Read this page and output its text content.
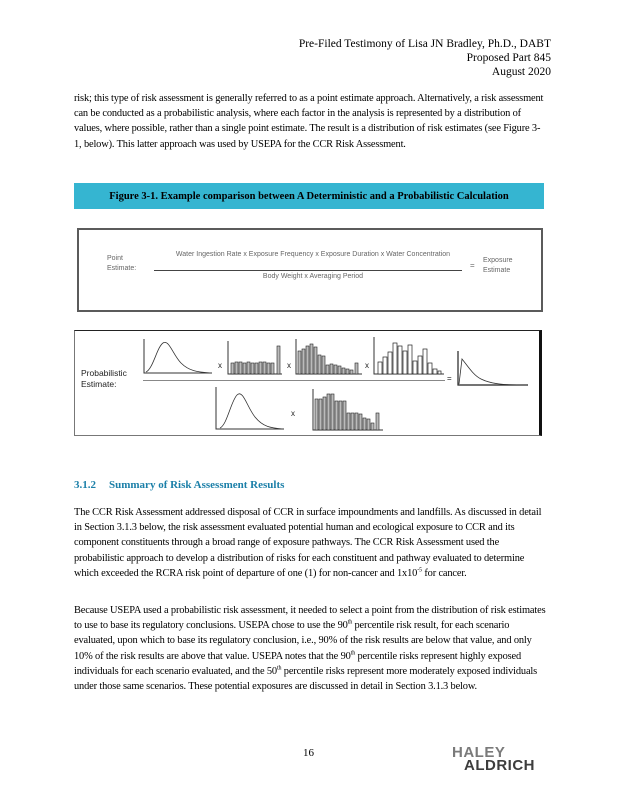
Pre-Filed Testimony of Lisa JN Bradley, Ph.D., DABT
Proposed Part 845
August 2020

risk; this type of risk assessment is generally referred to as a point estimate approach. Alternatively, a risk assessment can be conducted as a probabilistic analysis, where each factor in the analysis is represented by a distribution of values, where possible, rather than a single point estimate. The result is a distribution of risk estimates (see Figure 3-1, below). This latter approach was used by USEPA for the CCR Risk Assessment.

Figure 3-1. Example comparison between A Deterministic and a Probabilistic Calculation
Point
Estimate:
Water Ingestion Rate x Exposure Frequency x Exposure Duration x Water Concentration
Body Weight x Averaging Period
=
Exposure
Estimate
Probabilistic
Estimate:
x	x	x
=
x
3.1.2 Summary of Risk Assessment Results

The CCR Risk Assessment addressed disposal of CCR in surface impoundments and landfills. As discussed in detail in Section 3.1.3 below, the risk assessment evaluated potential human and ecological exposure to CCR and its component constituents through a broad range of exposure pathways. The CCR Risk Assessment used the probabilistic approach to develop a distribution of risks for each constituent and pathway evaluated to determine which exceeded the RCRA risk point of departure of one (1) for non-cancer and $1x10^{-5}$ for cancer.

Because USEPA used a probabilistic risk assessment, it needed to select a point from the distribution of risk estimates to use to base its regulatory conclusions. USEPA chose to use the 90th percentile risk result, for each scenario evaluated, upon which to base its regulatory conclusion, i.e., 90% of the risk results are below that value, and only 10% of the risk results are above that value. USEPA notes that the 90th percentile risks represent highly exposed individuals for each scenario evaluated, and the 50th percentile risks represent more moderately exposed individuals under those same scenarios. These potential exposures are discussed in detail in Section 3.1.3 below.

16	HALEY
ALDRICH
